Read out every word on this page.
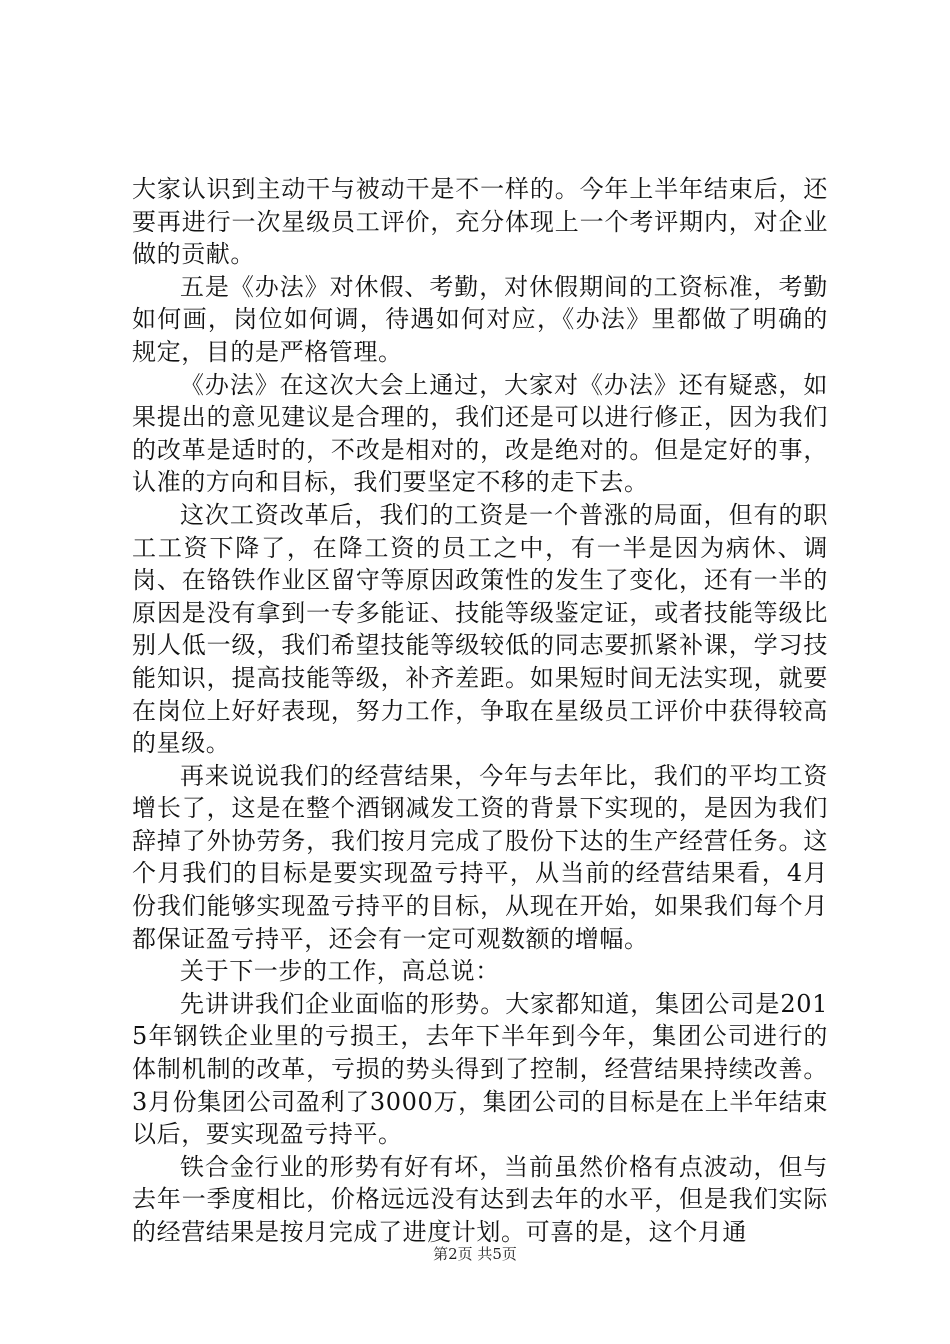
大家认识到主动干与被动干是不一样的。今年上半年结束后，还要再进行一次星级员工评价，充分体现上一个考评期内，对企业做的贡献。

五是《办法》对休假、考勤，对休假期间的工资标准，考勤如何画，岗位如何调，待遇如何对应，《办法》里都做了明确的规定，目的是严格管理。

《办法》在这次大会上通过，大家对《办法》还有疑惑，如果提出的意见建议是合理的，我们还是可以进行修正，因为我们的改革是适时的，不改是相对的，改是绝对的。但是定好的事，认准的方向和目标，我们要坚定不移的走下去。

这次工资改革后，我们的工资是一个普涨的局面，但有的职工工资下降了，在降工资的员工之中，有一半是因为病休、调岗、在铬铁作业区留守等原因政策性的发生了变化，还有一半的原因是没有拿到一专多能证、技能等级鉴定证，或者技能等级比别人低一级，我们希望技能等级较低的同志要抓紧补课，学习技能知识，提高技能等级，补齐差距。如果短时间无法实现，就要在岗位上好好表现，努力工作，争取在星级员工评价中获得较高的星级。

再来说说我们的经营结果，今年与去年比，我们的平均工资增长了，这是在整个酒钢减发工资的背景下实现的，是因为我们辞掉了外协劳务，我们按月完成了股份下达的生产经营任务。这个月我们的目标是要实现盈亏持平，从当前的经营结果看，4月份我们能够实现盈亏持平的目标，从现在开始，如果我们每个月都保证盈亏持平，还会有一定可观数额的增幅。

关于下一步的工作，高总说：

先讲讲我们企业面临的形势。大家都知道，集团公司是2015年钢铁企业里的亏损王，去年下半年到今年，集团公司进行的体制机制的改革，亏损的势头得到了控制，经营结果持续改善。3月份集团公司盈利了3000万，集团公司的目标是在上半年结束以后，要实现盈亏持平。

铁合金行业的形势有好有坏，当前虽然价格有点波动，但与去年一季度相比，价格远远没有达到去年的水平，但是我们实际的经营结果是按月完成了进度计划。可喜的是，这个月通

第2页 共5页
